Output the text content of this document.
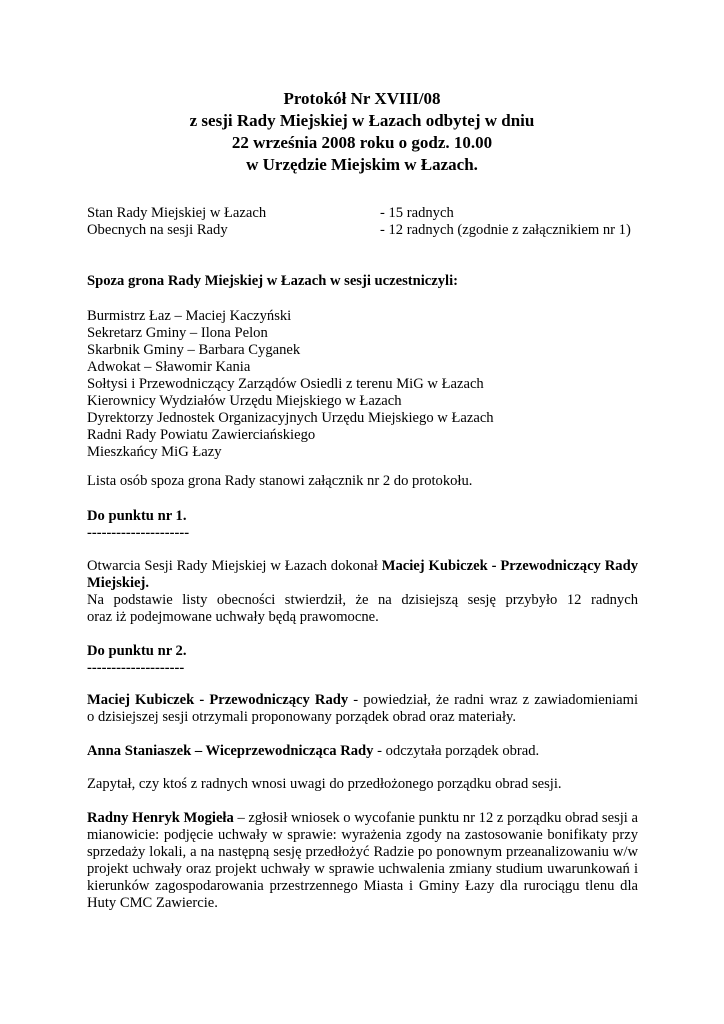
Protokół Nr XVIII/08
z sesji Rady Miejskiej w Łazach odbytej w dniu
22 września 2008 roku o godz. 10.00
w Urzędzie Miejskim w Łazach.
Stan Rady Miejskiej w Łazach	- 15 radnych
Obecnych na sesji Rady	- 12 radnych (zgodnie z załącznikiem nr 1)
Spoza grona Rady Miejskiej w Łazach w sesji uczestniczyli:
Burmistrz Łaz – Maciej Kaczyński
Sekretarz Gminy – Ilona Pelon
Skarbnik Gminy – Barbara Cyganek
Adwokat – Sławomir Kania
Sołtysi i Przewodniczący Zarządów Osiedli z terenu MiG w Łazach
Kierownicy Wydziałów Urzędu Miejskiego w Łazach
Dyrektorzy Jednostek Organizacyjnych Urzędu Miejskiego w Łazach
Radni Rady Powiatu Zawierciańskiego
Mieszkańcy MiG Łazy
Lista osób spoza grona Rady stanowi załącznik nr 2 do protokołu.
Do punktu nr 1.
---------------------
Otwarcia Sesji Rady Miejskiej w Łazach dokonał Maciej Kubiczek - Przewodniczący Rady
Miejskiej.
Na podstawie listy obecności stwierdził, że na dzisiejszą sesję przybyło 12 radnych
oraz iż podejmowane uchwały będą prawomocne.
Do punktu nr 2.
--------------------
Maciej Kubiczek - Przewodniczący Rady - powiedział, że radni wraz z zawiadomieniami
o dzisiejszej sesji otrzymali proponowany porządek obrad oraz materiały.
Anna Staniaszek – Wiceprzewodnicząca Rady - odczytała porządek obrad.
Zapytał, czy ktoś z radnych wnosi uwagi do przedłożonego porządku obrad sesji.
Radny Henryk Mogieła – zgłosił wniosek o wycofanie punktu nr 12 z porządku obrad sesji a
mianowicie: podjęcie uchwały w sprawie: wyrażenia zgody na zastosowanie bonifikaty przy
sprzedaży lokali, a na następną sesję przedłożyć Radzie po ponownym przeanalizowaniu w/w
projekt uchwały oraz projekt uchwały w sprawie uchwalenia zmiany studium uwarunkowań i
kierunków zagospodarowania przestrzennego Miasta i Gminy Łazy dla rurociągu tlenu dla
Huty CMC Zawiercie.
